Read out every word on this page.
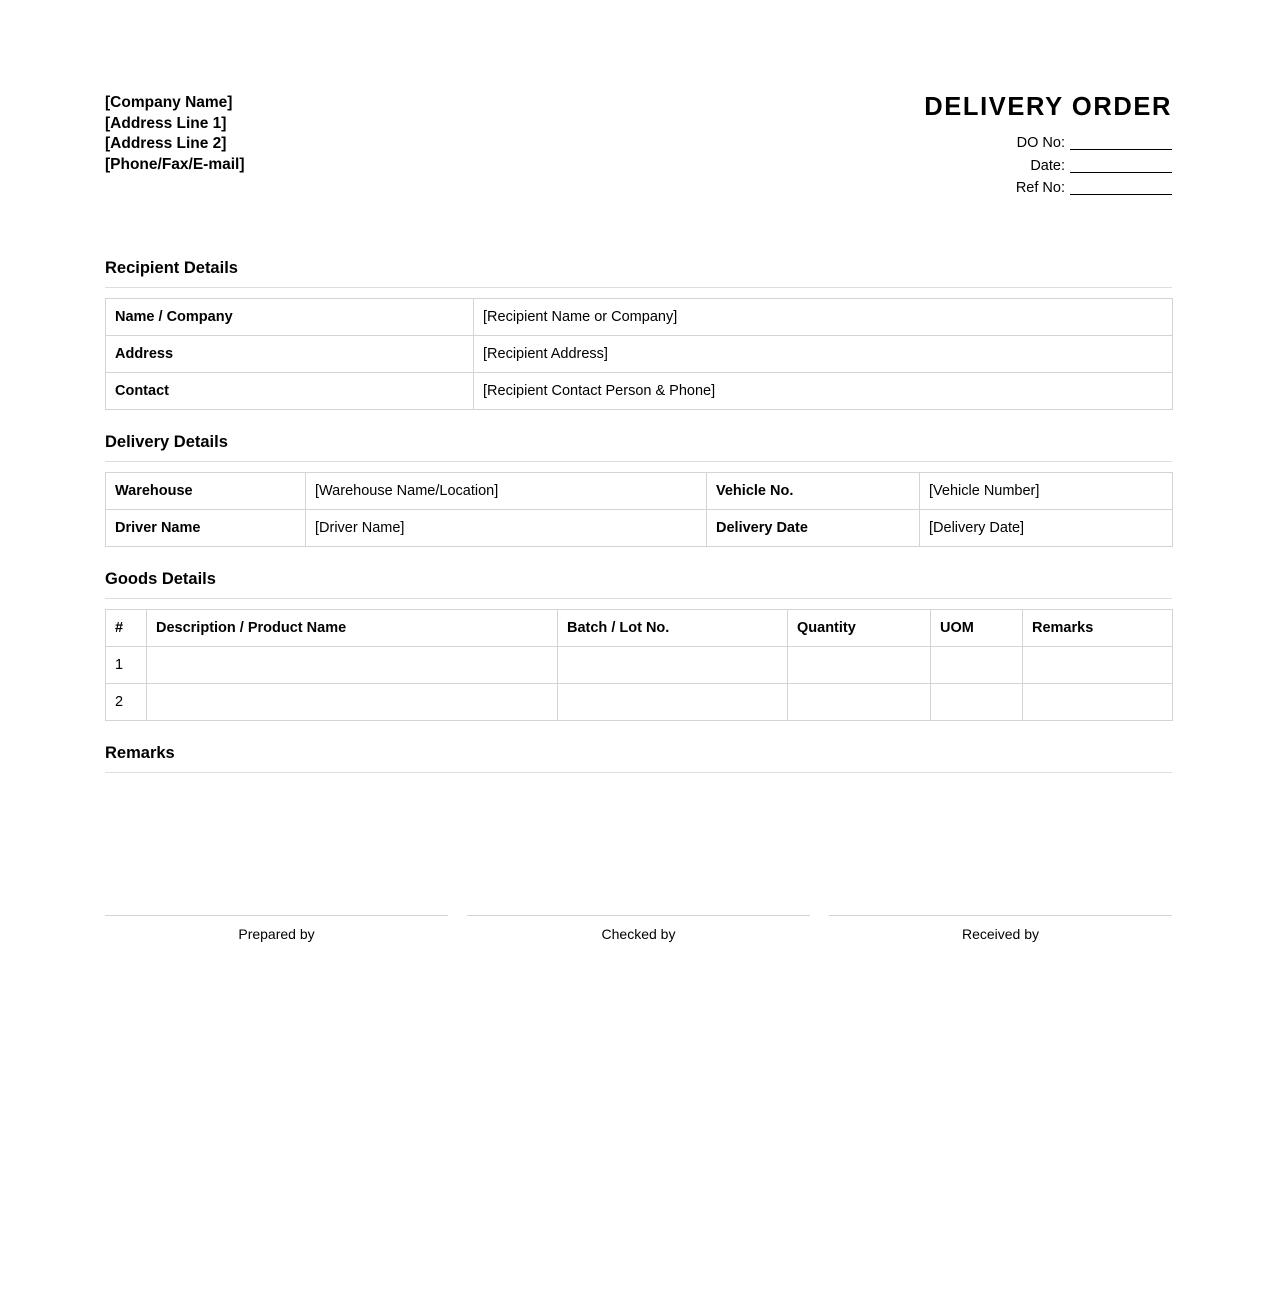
[Company Name]
[Address Line 1]
[Address Line 2]
[Phone/Fax/E-mail]
DELIVERY ORDER
DO No:
Date:
Ref No:
Recipient Details
Name / Company	[Recipient Name or Company]
Address	[Recipient Address]
Contact	[Recipient Contact Person & Phone]
Delivery Details
Warehouse	[Warehouse Name/Location]	Vehicle No.	[Vehicle Number]
Driver Name	[Driver Name]	Delivery Date	[Delivery Date]
Goods Details
#	Description / Product Name	Batch / Lot No.	Quantity	UOM	Remarks
1					
2					
Remarks
Prepared by	Checked by	Received by
